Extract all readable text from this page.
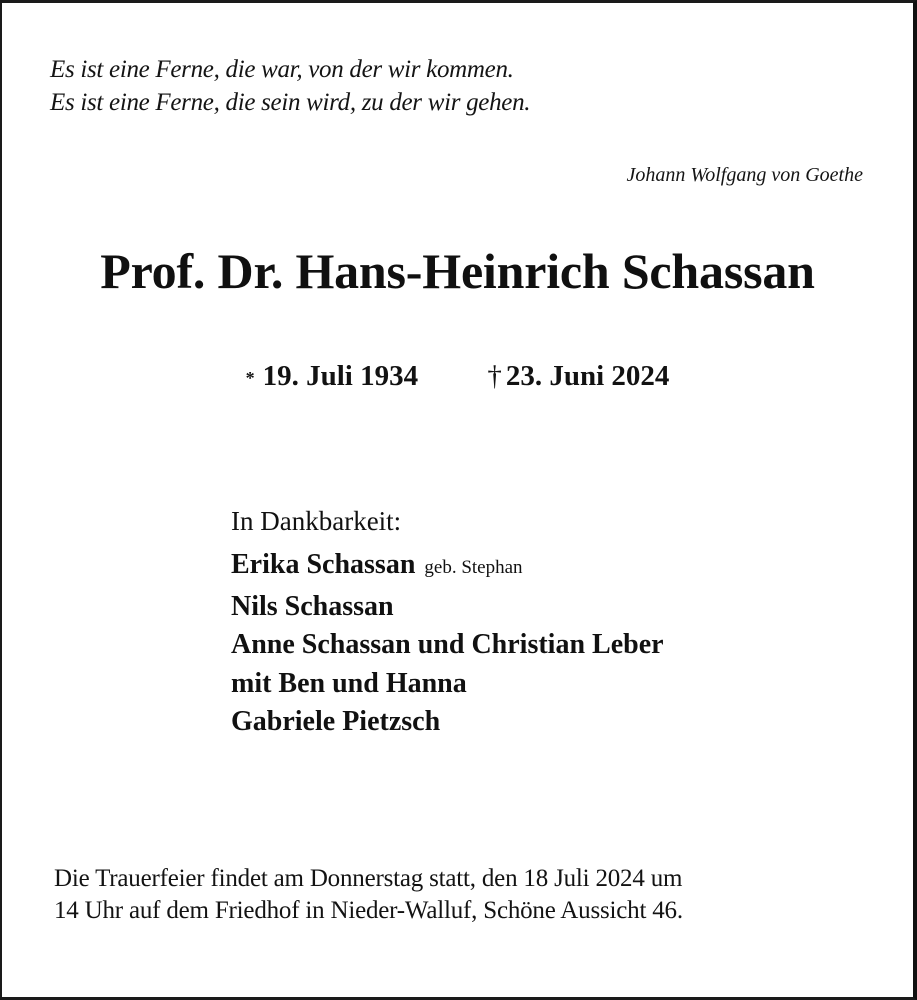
Es ist eine Ferne, die war, von der wir kommen.
Es ist eine Ferne, die sein wird, zu der wir gehen.
Johann Wolfgang von Goethe
Prof. Dr. Hans-Heinrich Schassan
* 19. Juli 1934 † 23. Juni 2024
In Dankbarkeit:
Erika Schassan geb. Stephan
Nils Schassan
Anne Schassan und Christian Leber
mit Ben und Hanna
Gabriele Pietzsch
Die Trauerfeier findet am Donnerstag statt, den 18 Juli 2024 um
14 Uhr auf dem Friedhof in Nieder-Walluf, Schöne Aussicht 46.
